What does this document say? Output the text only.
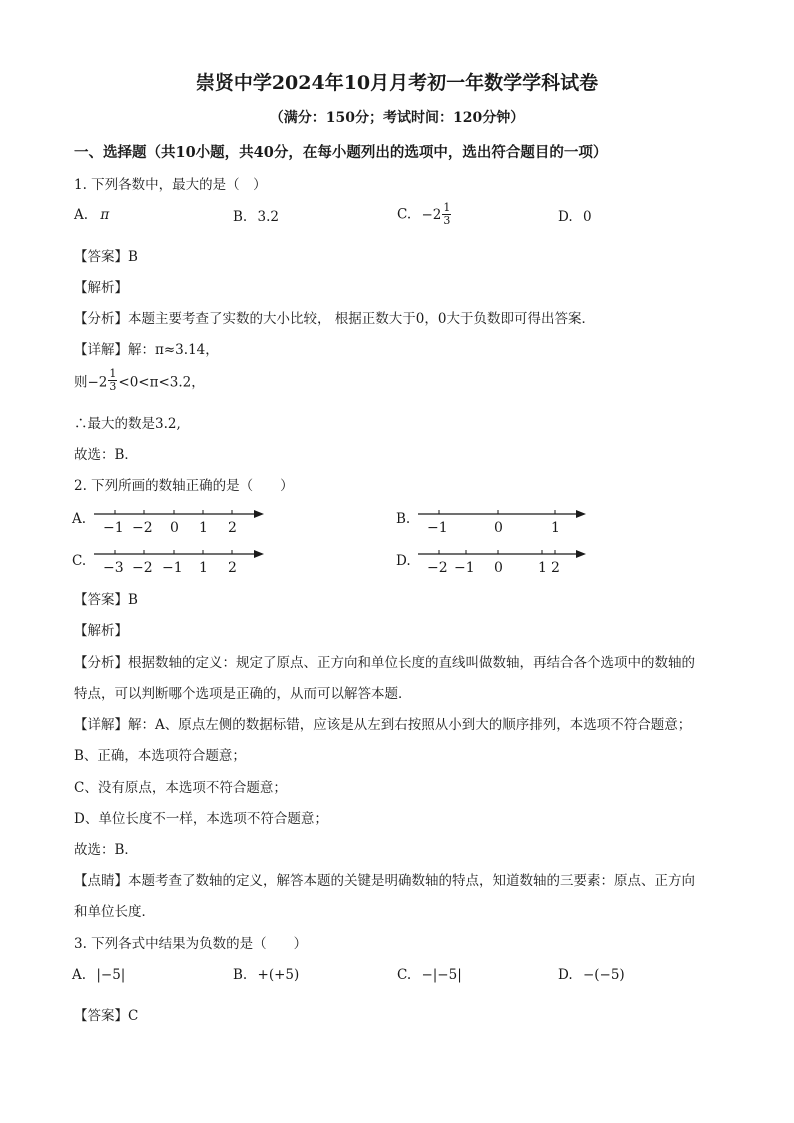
崇贤中学2024年10月月考初一年数学学科试卷
（满分：150分；考试时间：120分钟）
一、选择题（共10小题，共40分，在每小题列出的选项中，选出符合题目的一项）
1. 下列各数中，最大的是（　）
A. π	B. 3.2	C. $-2 \frac{1}{3}$	D. 0
【答案】B
【解析】
【分析】本题主要考查了实数的大小比较， 根据正数大于0，0大于负数即可得出答案．
【详解】解：π≈3.14，
则$-2 \frac{1}{3} <0<\pi<3.2$，
∴最大的数是3.2,
故选：B．
2. 下列所画的数轴正确的是（　　）
A.
−1 −2 0 1 2
B.
−1	0	1
C. −3 −2 −1 1 2	D. −2 −1 0	1 2
【答案】B
【解析】
【分析】根据数轴的定义：规定了原点、正方向和单位长度的直线叫做数轴，再结合各个选项中的数轴的
特点，可以判断哪个选项是正确的，从而可以解答本题．
【详解】解：A、原点左侧的数据标错，应该是从左到右按照从小到大的顺序排列，本选项不符合题意；
B、正确，本选项符合题意；
C、没有原点，本选项不符合题意；
D、单位长度不一样，本选项不符合题意；
故选：B．
【点睛】本题考查了数轴的定义，解答本题的关键是明确数轴的特点，知道数轴的三要素：原点、正方向
和单位长度．
3. 下列各式中结果为负数的是（　　）
A. |−5|	B. +(+5)	C. −|−5|	D. −(−5)
【答案】C
